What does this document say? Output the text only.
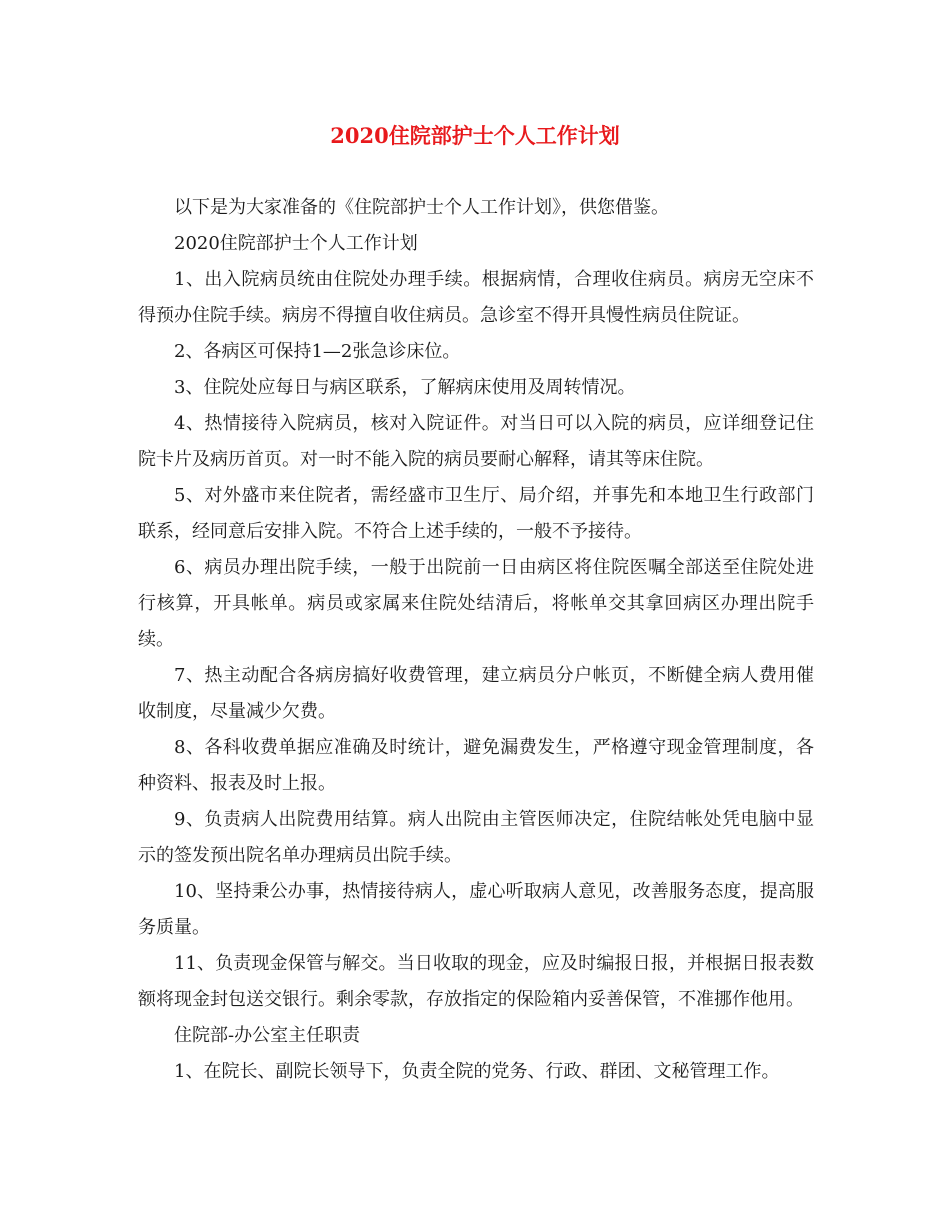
2020住院部护士个人工作计划

以下是为大家准备的《住院部护士个人工作计划》，供您借鉴。

2020住院部护士个人工作计划

1、出入院病员统由住院处办理手续。根据病情，合理收住病员。病房无空床不得预办住院手续。病房不得擅自收住病员。急诊室不得开具慢性病员住院证。

2、各病区可保持1—2张急诊床位。

3、住院处应每日与病区联系，了解病床使用及周转情况。

4、热情接待入院病员，核对入院证件。对当日可以入院的病员，应详细登记住院卡片及病历首页。对一时不能入院的病员要耐心解释，请其等床住院。

5、对外盛市来住院者，需经盛市卫生厅、局介绍，并事先和本地卫生行政部门联系，经同意后安排入院。不符合上述手续的，一般不予接待。

6、病员办理出院手续，一般于出院前一日由病区将住院医嘱全部送至住院处进行核算，开具帐单。病员或家属来住院处结清后，将帐单交其拿回病区办理出院手续。

7、热主动配合各病房搞好收费管理，建立病员分户帐页，不断健全病人费用催收制度，尽量减少欠费。

8、各科收费单据应准确及时统计，避免漏费发生，严格遵守现金管理制度，各种资料、报表及时上报。

9、负责病人出院费用结算。病人出院由主管医师决定，住院结帐处凭电脑中显示的签发预出院名单办理病员出院手续。

10、坚持秉公办事，热情接待病人，虚心听取病人意见，改善服务态度，提高服务质量。

11、负责现金保管与解交。当日收取的现金，应及时编报日报，并根据日报表数额将现金封包送交银行。剩余零款，存放指定的保险箱内妥善保管，不准挪作他用。

住院部-办公室主任职责

1、在院长、副院长领导下，负责全院的党务、行政、群团、文秘管理工作。
